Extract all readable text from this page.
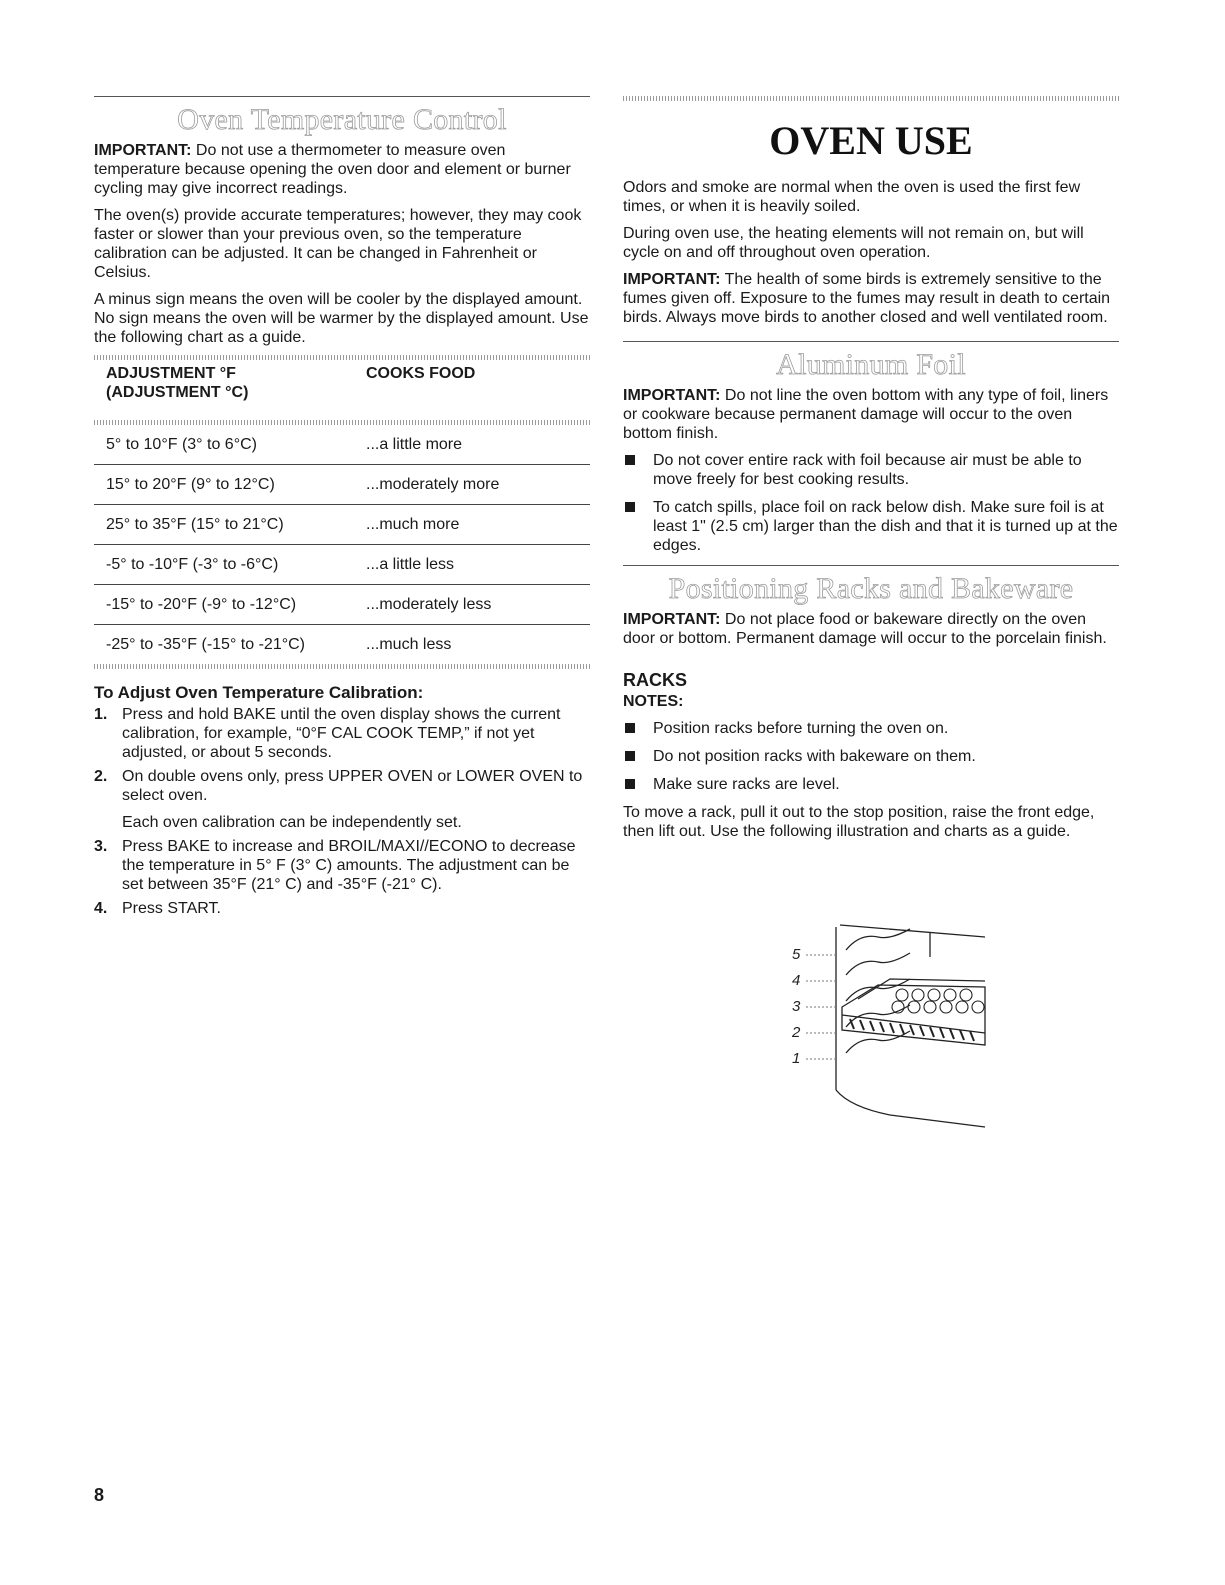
Oven Temperature Control

IMPORTANT: Do not use a thermometer to measure oven temperature because opening the oven door and element or burner cycling may give incorrect readings.

The oven(s) provide accurate temperatures; however, they may cook faster or slower than your previous oven, so the temperature calibration can be adjusted. It can be changed in Fahrenheit or Celsius.

A minus sign means the oven will be cooler by the displayed amount. No sign means the oven will be warmer by the displayed amount. Use the following chart as a guide.

ADJUSTMENT °F
(ADJUSTMENT °C)
COOKS FOOD
5° to 10°F (3° to 6°C)	...a little more
15° to 20°F (9° to 12°C)	...moderately more
25° to 35°F (15° to 21°C)	...much more
-5° to -10°F (-3° to -6°C)	...a little less
-15° to -20°F (-9° to -12°C)	...moderately less
-25° to -35°F (-15° to -21°C)	...much less
To Adjust Oven Temperature Calibration:
1. Press and hold BAKE until the oven display shows the current calibration, for example, “0°F CAL COOK TEMP,” if not yet adjusted, or about 5 seconds.
2. On double ovens only, press UPPER OVEN or LOWER OVEN to select oven.
Each oven calibration can be independently set.
3. Press BAKE to increase and BROIL/MAXI//ECONO to decrease the temperature in 5° F (3° C) amounts. The adjustment can be set between 35°F (21° C) and -35°F (-21° C).
4. Press START.
OVEN USE

Odors and smoke are normal when the oven is used the first few times, or when it is heavily soiled.

During oven use, the heating elements will not remain on, but will cycle on and off throughout oven operation.

IMPORTANT: The health of some birds is extremely sensitive to the fumes given off. Exposure to the fumes may result in death to certain birds. Always move birds to another closed and well ventilated room.

Aluminum Foil

IMPORTANT: Do not line the oven bottom with any type of foil, liners or cookware because permanent damage will occur to the oven bottom finish.

Do not cover entire rack with foil because air must be able to move freely for best cooking results.
To catch spills, place foil on rack below dish. Make sure foil is at least 1" (2.5 cm) larger than the dish and that it is turned up at the edges.
Positioning Racks and Bakeware

IMPORTANT: Do not place food or bakeware directly on the oven door or bottom. Permanent damage will occur to the porcelain finish.

RACKS
NOTES:
Position racks before turning the oven on.
Do not position racks with bakeware on them.
Make sure racks are level.

To move a rack, pull it out to the stop position, raise the front edge, then lift out. Use the following illustration and charts as a guide.

5
4
3
2
1
8
